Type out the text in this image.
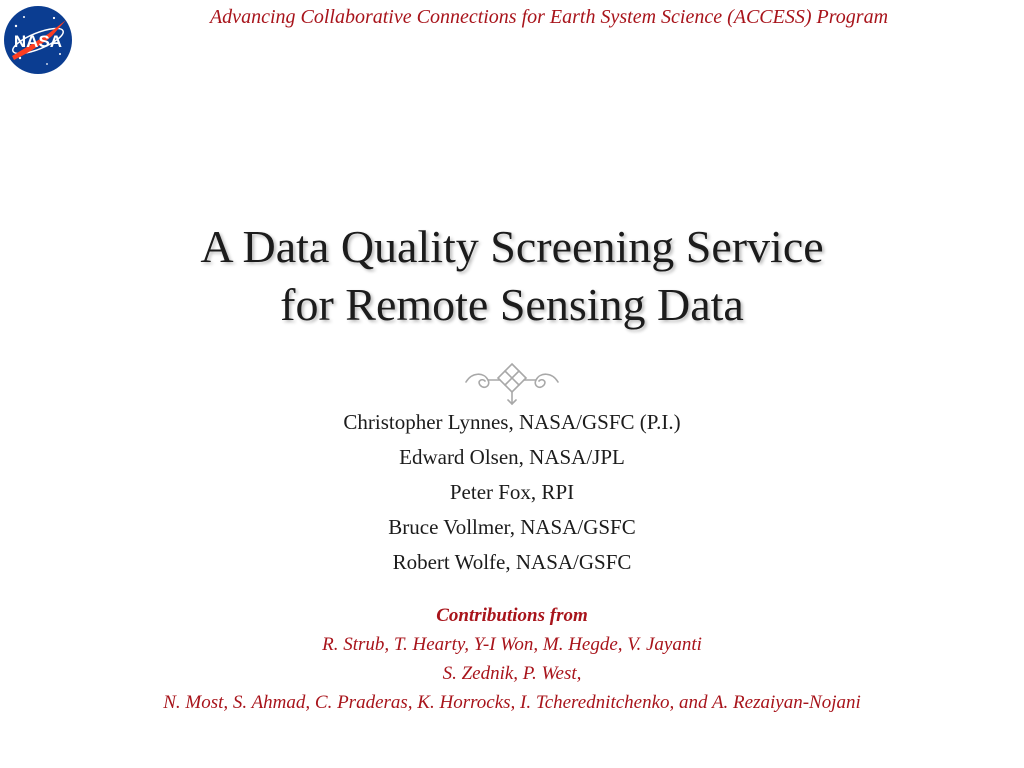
NASA
Advancing Collaborative Connections for Earth System Science (ACCESS) Program
A Data Quality Screening Service
for Remote Sensing Data
Christopher Lynnes, NASA/GSFC (P.I.)
Edward Olsen, NASA/JPL
Peter Fox, RPI
Bruce Vollmer, NASA/GSFC
Robert Wolfe, NASA/GSFC
Contributions from
R. Strub, T. Hearty, Y-I Won, M. Hegde, V. Jayanti
S. Zednik, P. West,
N. Most, S. Ahmad, C. Praderas, K. Horrocks, I. Tcherednitchenko, and A. Rezaiyan-Nojani
